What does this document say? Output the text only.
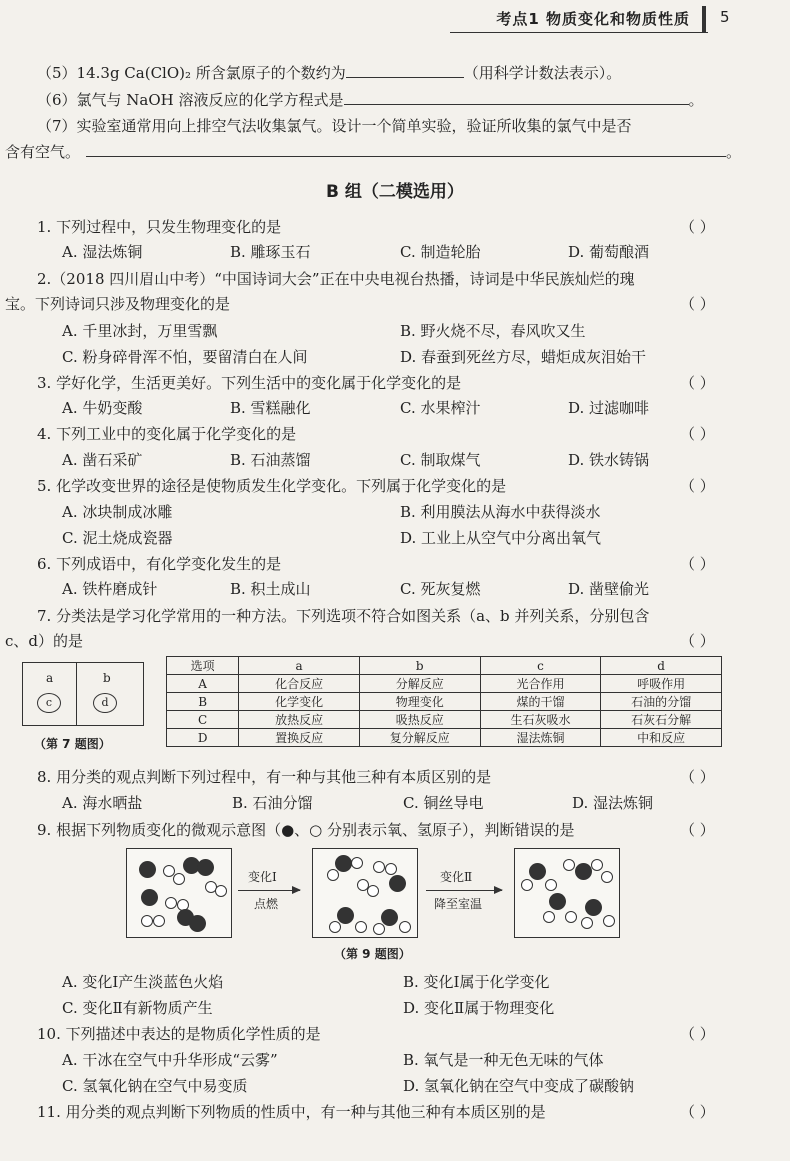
考点1 物质变化和物质性质 5
（5）14.3g Ca(ClO)₂ 所含氯原子的个数约为	（用科学计数法表示）。
（6）氯气与 NaOH 溶液反应的化学方程式是	。
（7）实验室通常用向上排空气法收集氯气。设计一个简单实验，验证所收集的氯气中是否
含有空气。	。
B 组（二模选用）
1. 下列过程中，只发生物理变化的是	（ ）
A. 湿法炼铜	B. 雕琢玉石	C. 制造轮胎	D. 葡萄酿酒
2.（2018 四川眉山中考）“中国诗词大会”正在中央电视台热播，诗词是中华民族灿烂的瑰
宝。下列诗词只涉及物理变化的是	（ ）
A. 千里冰封，万里雪飘	B. 野火烧不尽，春风吹又生
C. 粉身碎骨浑不怕，要留清白在人间	D. 春蚕到死丝方尽，蜡炬成灰泪始干
3. 学好化学，生活更美好。下列生活中的变化属于化学变化的是	（ ）
A. 牛奶变酸	B. 雪糕融化	C. 水果榨汁	D. 过滤咖啡
4. 下列工业中的变化属于化学变化的是	（ ）
A. 凿石采矿	B. 石油蒸馏	C. 制取煤气	D. 铁水铸锅
5. 化学改变世界的途径是使物质发生化学变化。下列属于化学变化的是	（ ）
A. 冰块制成冰雕	B. 利用膜法从海水中获得淡水
C. 泥土烧成瓷器	D. 工业上从空气中分离出氧气
6. 下列成语中，有化学变化发生的是	（ ）
A. 铁杵磨成针	B. 积土成山	C. 死灰复燃	D. 凿壁偷光
7. 分类法是学习化学常用的一种方法。下列选项不符合如图关系（a、b 并列关系，分别包含
c、d）的是	（ ）
a	b
c	d
（第 7 题图）
选项	a	b	c	d
A	化合反应	分解反应	光合作用	呼吸作用
B	化学变化	物理变化	煤的干馏	石油的分馏
C	放热反应	吸热反应	生石灰吸水	石灰石分解
D	置换反应	复分解反应	湿法炼铜	中和反应
8. 用分类的观点判断下列过程中，有一种与其他三种有本质区别的是	（ ）
A. 海水晒盐	B. 石油分馏	C. 铜丝导电	D. 湿法炼铜
9. 根据下列物质变化的微观示意图（●、○ 分别表示氧、氢原子），判断错误的是	（ ）
变化Ⅰ
点燃
变化Ⅱ
降至室温
（第 9 题图）
A. 变化Ⅰ产生淡蓝色火焰	B. 变化Ⅰ属于化学变化
C. 变化Ⅱ有新物质产生	D. 变化Ⅱ属于物理变化
10. 下列描述中表达的是物质化学性质的是	（ ）
A. 干冰在空气中升华形成“云雾”	B. 氧气是一种无色无味的气体
C. 氢氧化钠在空气中易变质	D. 氢氧化钠在空气中变成了碳酸钠
11. 用分类的观点判断下列物质的性质中，有一种与其他三种有本质区别的是	（ ）
